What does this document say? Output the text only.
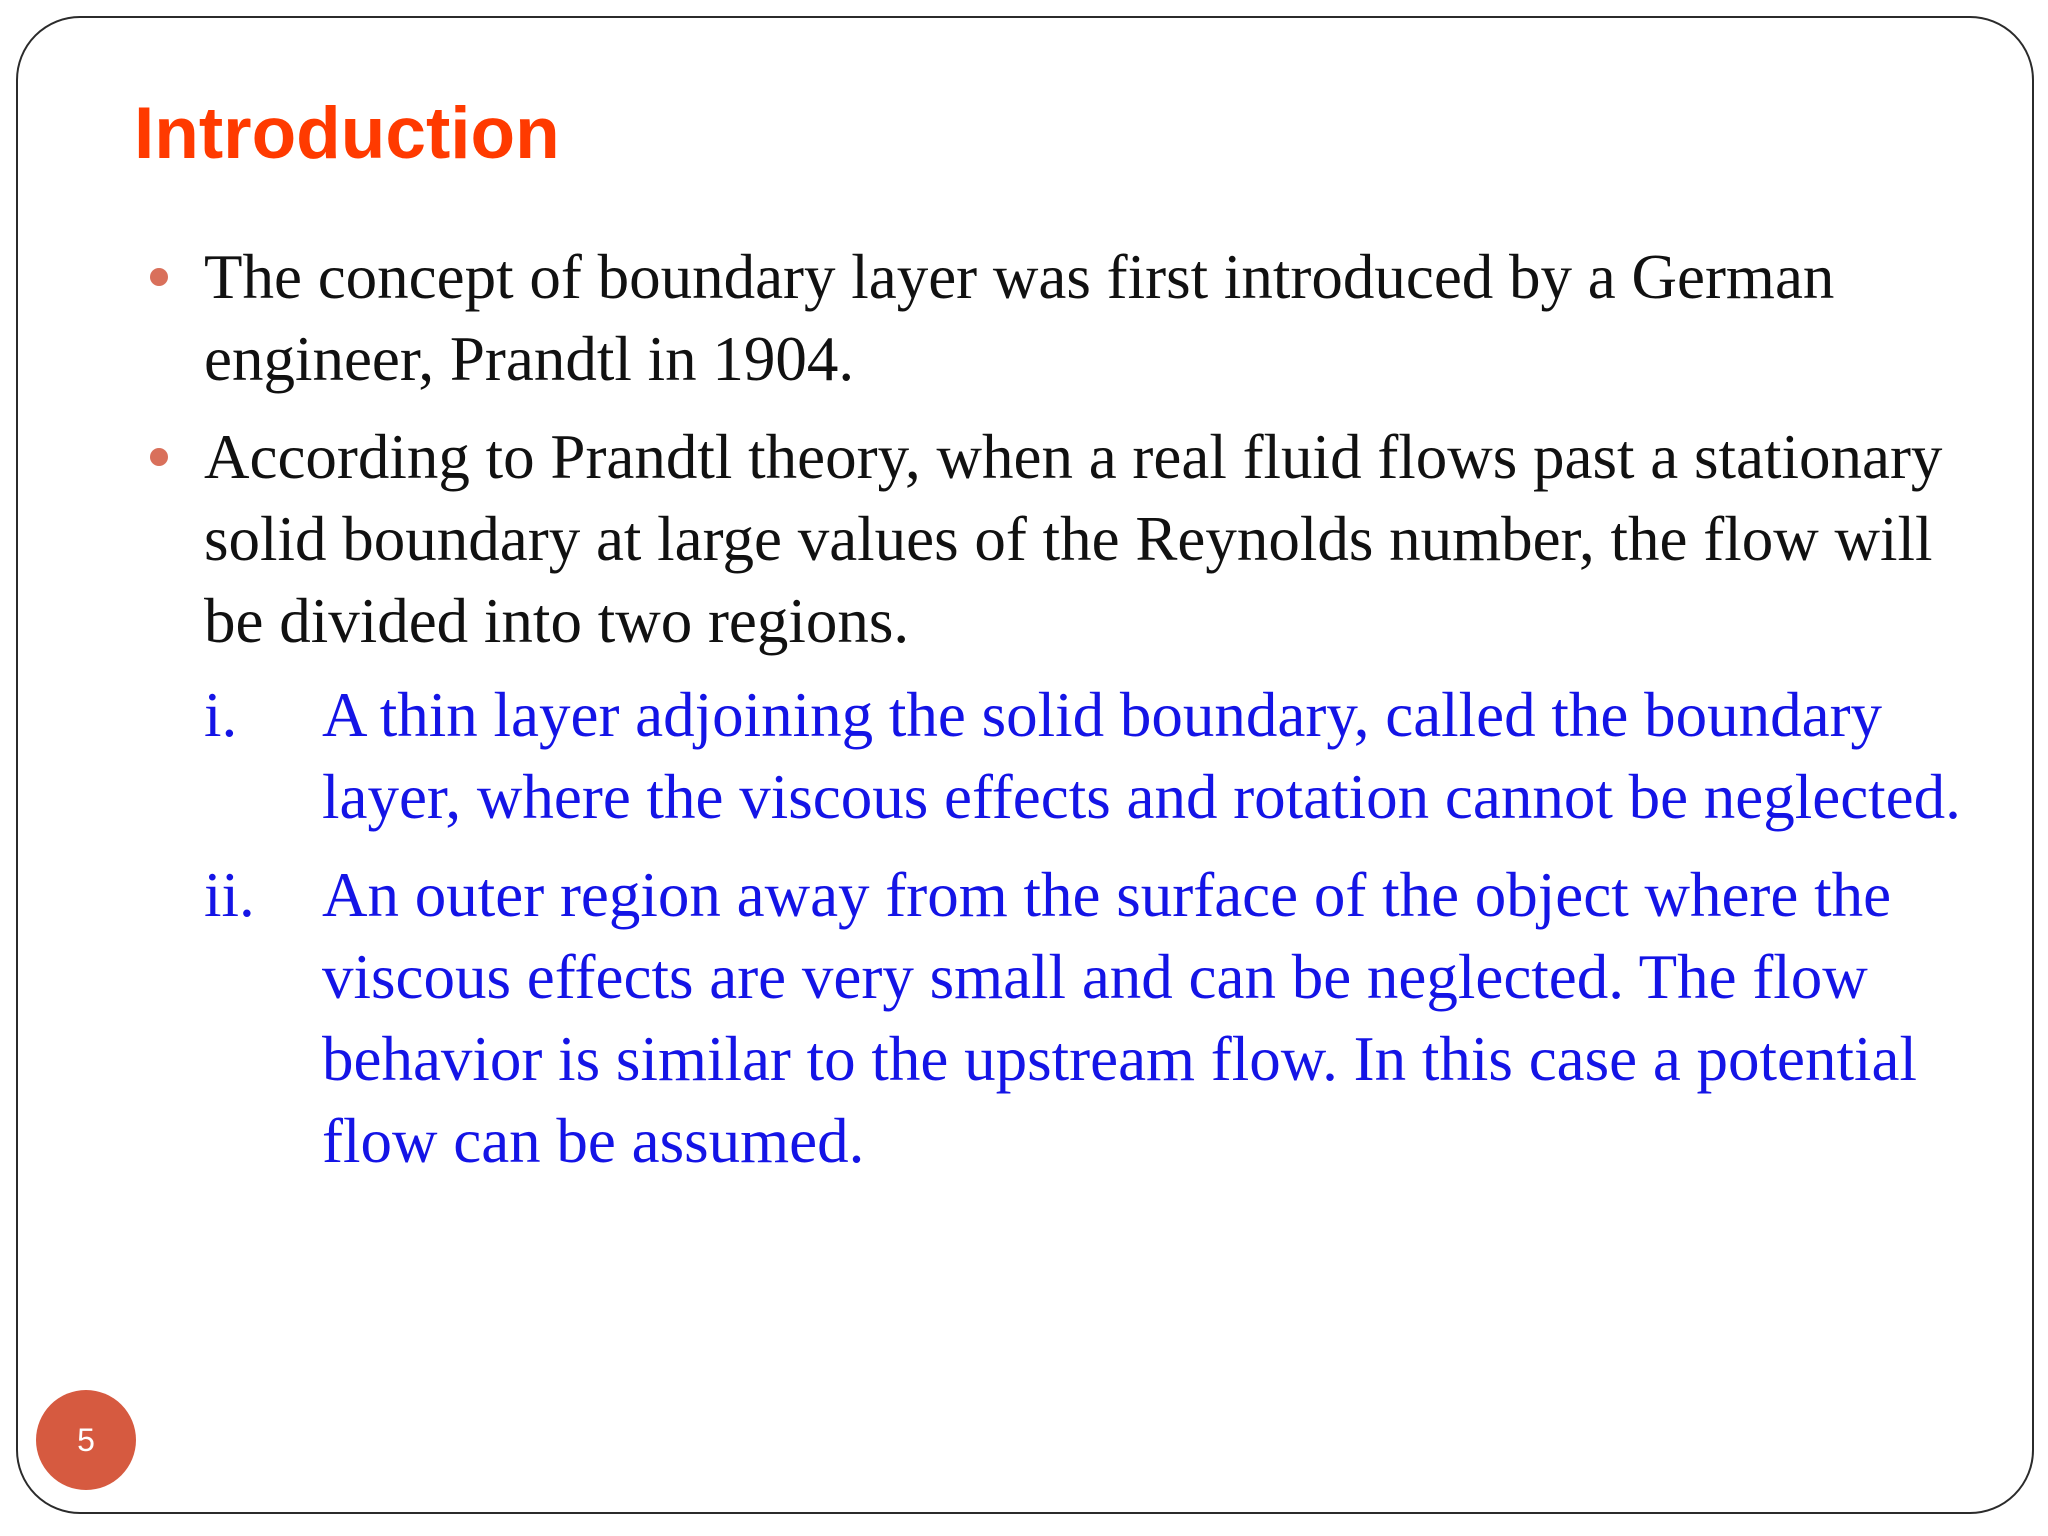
Introduction
The concept of boundary layer was first introduced by a German engineer, Prandtl in 1904.
According to Prandtl theory, when a real fluid flows past a stationary solid boundary at large values of the Reynolds number, the flow will be divided into two regions.
i. A thin layer adjoining the solid boundary, called the boundary layer, where the viscous effects and rotation cannot be neglected.
ii. An outer region away from the surface of the object where the viscous effects are very small and can be neglected. The flow behavior is similar to the upstream flow. In this case a potential flow can be assumed.
5
